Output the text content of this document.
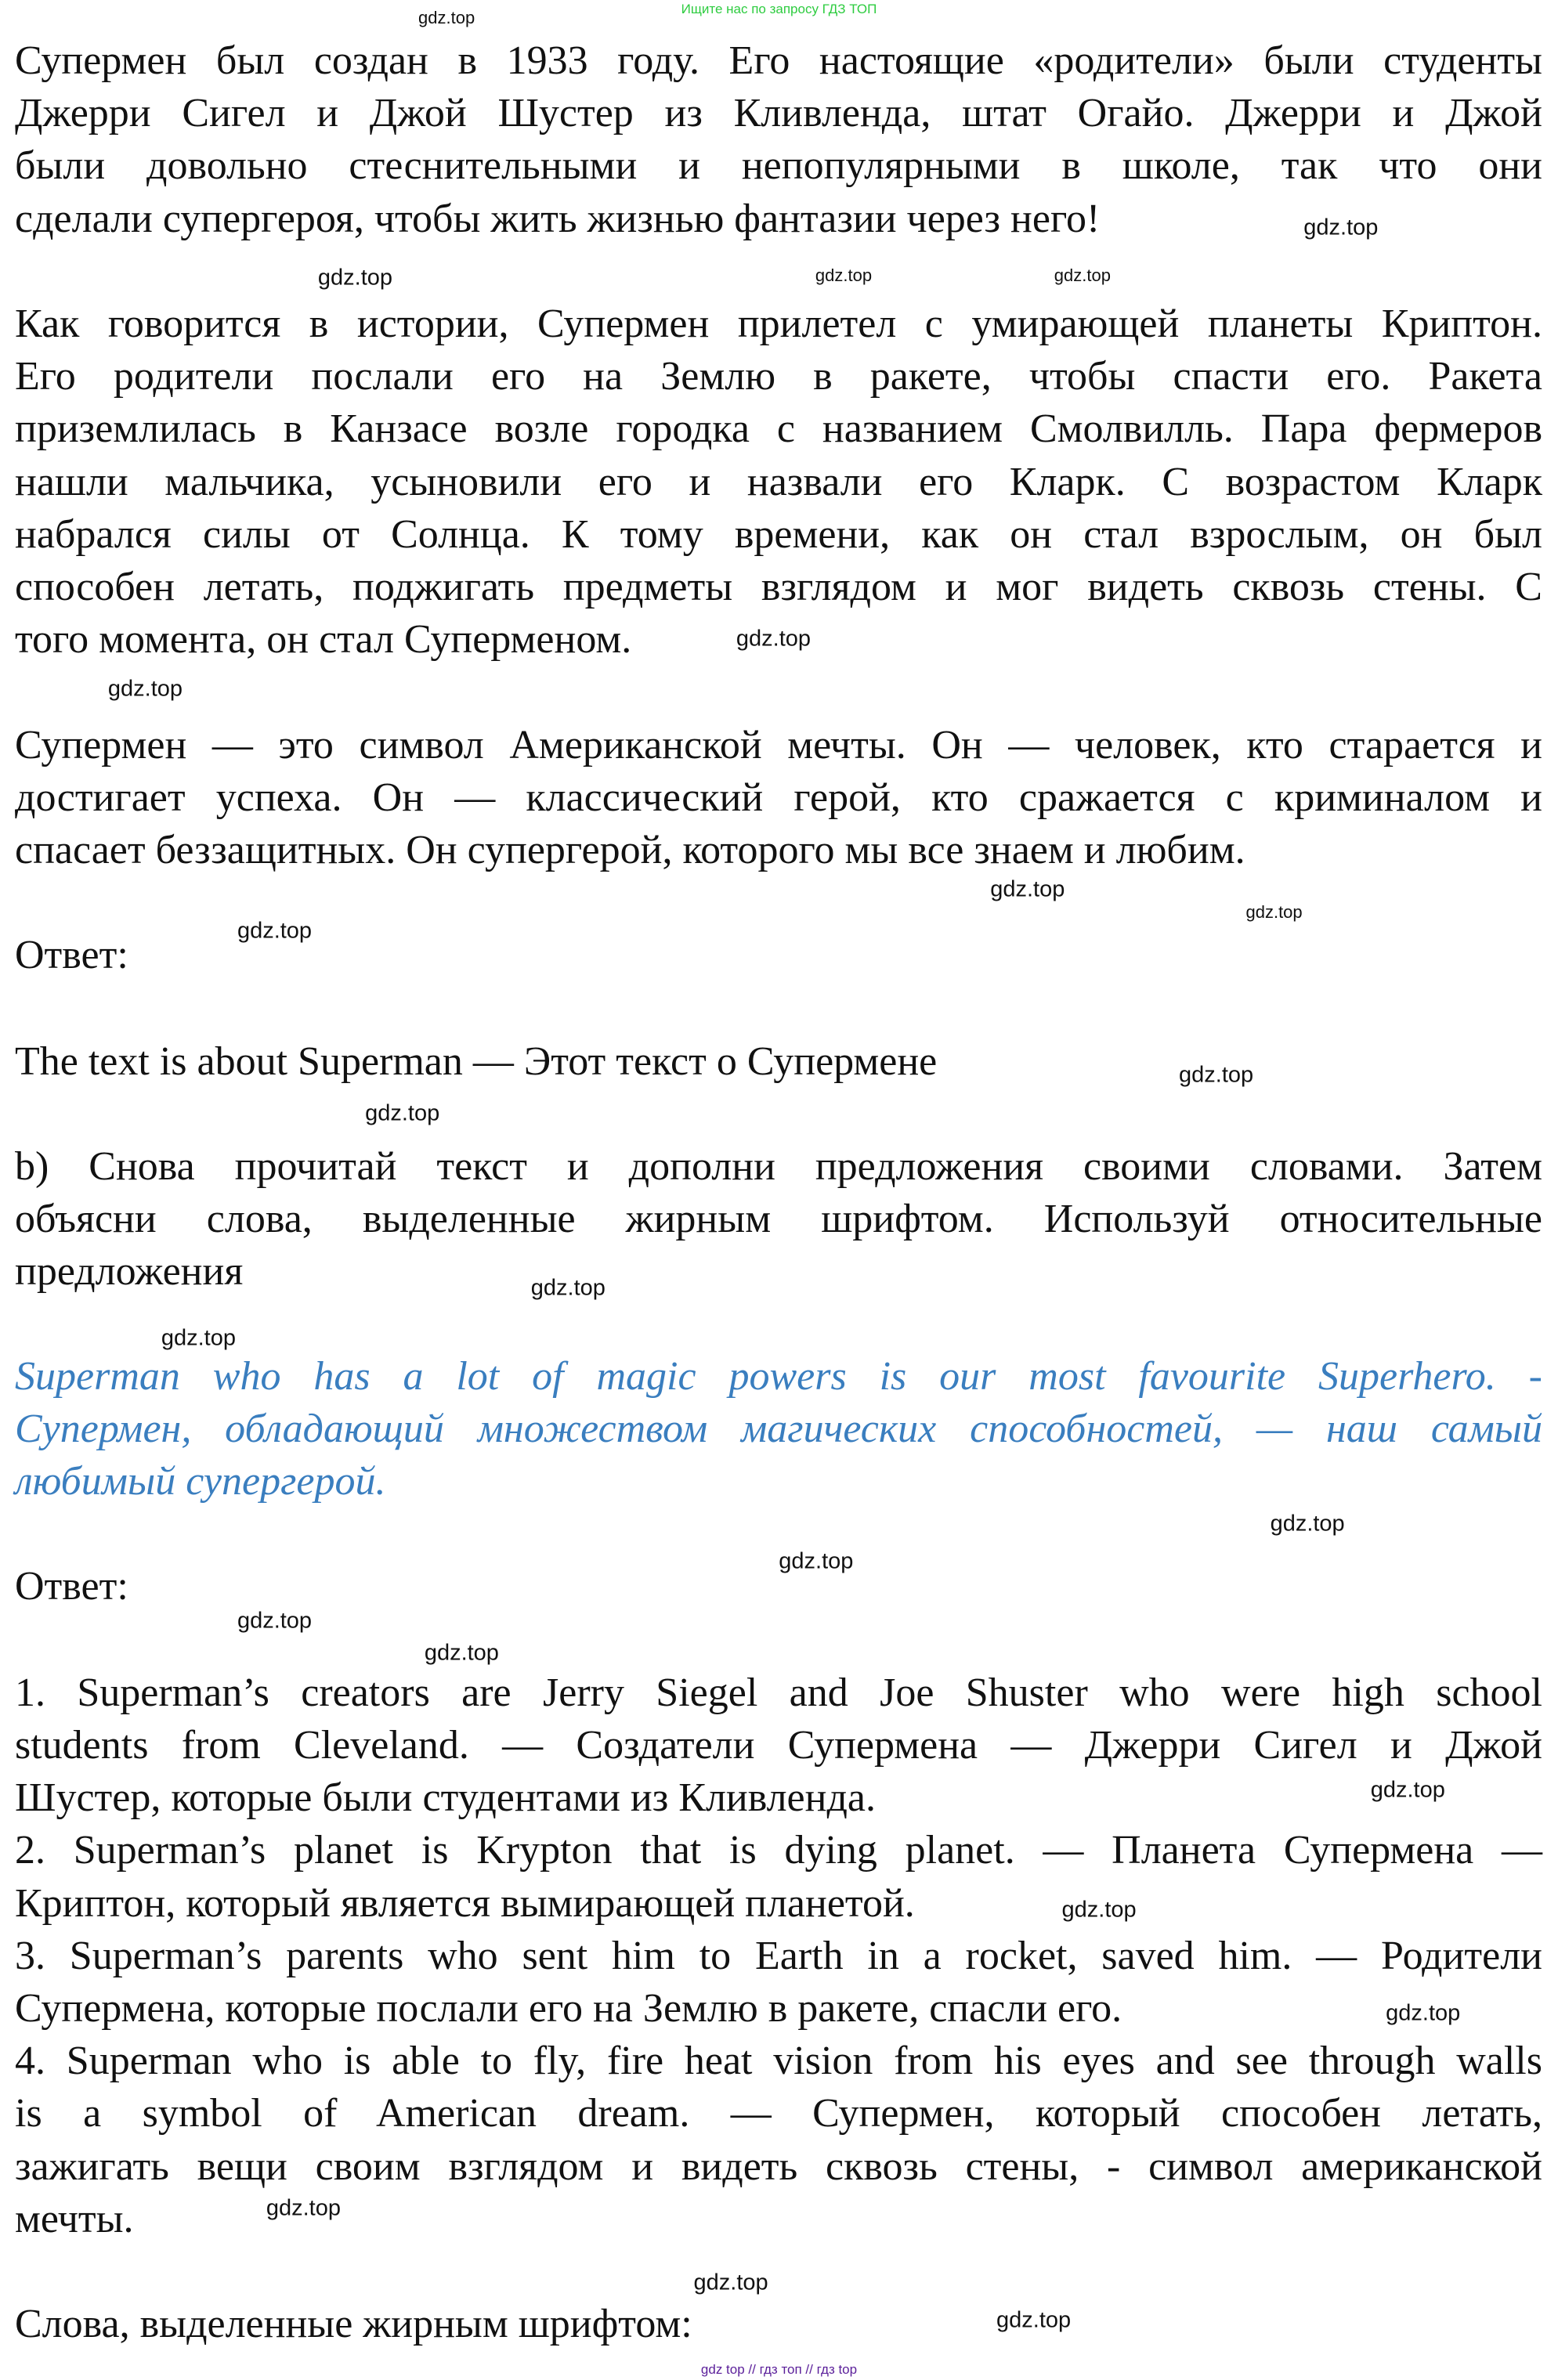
Ищите нас по запросу ГДЗ ТОП
Супермен был создан в 1933 году. Его настоящие «родители» были студенты
Джерри Сигел и Джой Шустер из Кливленда, штат Огайо. Джерри и Джой
были довольно стеснительными и непопулярными в школе, так что они
сделали супергероя, чтобы жить жизнью фантазии через него!
Как говорится в истории, Супермен прилетел с умирающей планеты Криптон.
Его родители послали его на Землю в ракете, чтобы спасти его. Ракета
приземлилась в Канзасе возле городка с названием Смолвилль. Пара фермеров
нашли мальчика, усыновили его и назвали его Кларк. С возрастом Кларк
набрался силы от Солнца. К тому времени, как он стал взрослым, он был
способен летать, поджигать предметы взглядом и мог видеть сквозь стены. С
того момента, он стал Суперменом.
Супермен — это символ Американской мечты. Он — человек, кто старается и
достигает успеха. Он — классический герой, кто сражается с криминалом и
спасает беззащитных. Он супергерой, которого мы все знаем и любим.
Ответ:
The text is about Superman — Этот текст о Супермене
b) Снова прочитай текст и дополни предложения своими словами. Затем
объясни слова, выделенные жирным шрифтом. Используй относительные
предложения
Superman who has a lot of magic powers is our most favourite Superhero. -
Супермен, обладающий множеством магических способностей, — наш самый
любимый супергерой.
Ответ:
1. Superman’s creators are Jerry Siegel and Joe Shuster who were high school
students from Cleveland. — Создатели Супермена — Джерри Сигел и Джой
Шустер, которые были студентами из Кливленда.
2. Superman’s planet is Krypton that is dying planet. — Планета Супермена —
Криптон, который является вымирающей планетой.
3. Superman’s parents who sent him to Earth in a rocket, saved him. — Родители
Супермена, которые послали его на Землю в ракете, спасли его.
4. Superman who is able to fly, fire heat vision from his eyes and see through walls
is a symbol of American dream. — Супермен, который способен летать,
зажигать вещи своим взглядом и видеть сквозь стены, - символ американской
мечты.
Слова, выделенные жирным шрифтом:
gdz top // гдз топ // гдз top
gdz.top
gdz.top
gdz.top	gdz.top	gdz.top
gdz.top
gdz.top
gdz.top
gdz.top
gdz.top
gdz.top
gdz.top
gdz.top
gdz.top
gdz.top
gdz.top
gdz.top
gdz.top
gdz.top
gdz.top
gdz.top
gdz.top
gdz.top
gdz.top
